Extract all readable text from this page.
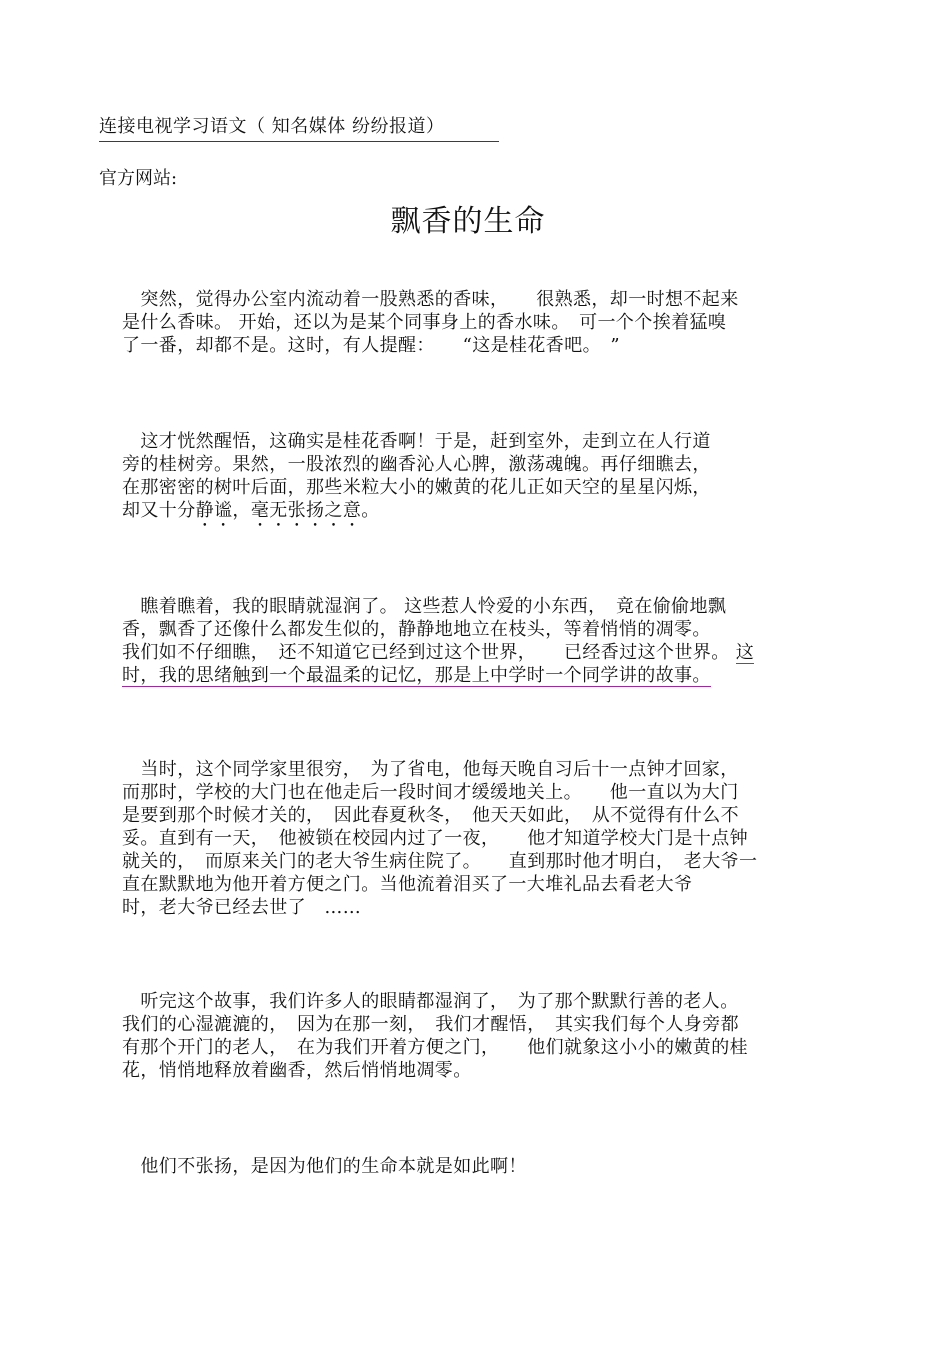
连接电视学习语文（ 知名媒体 纷纷报道）
官方网站:
飘香的生命
　突然，觉得办公室内流动着一股熟悉的香味，　　很熟悉，却一时想不起来
是什么香味。 开始，还以为是某个同事身上的香水味。　可一个个挨着猛嗅
了一番，却都不是。这时，有人提醒：　　“这是桂花香吧。　”
　这才恍然醒悟，这确实是桂花香啊！于是，赶到室外，走到立在人行道
旁的桂树旁。果然，一股浓烈的幽香沁人心脾，激荡魂魄。再仔细瞧去，
在那密密的树叶后面，那些米粒大小的嫩黄的花儿正如天空的星星闪烁，
却又十分静谧，毫无张扬之意。
　瞧着瞧着，我的眼睛就湿润了。 这些惹人怜爱的小东西，　竟在偷偷地飘
香，飘香了还像什么都发生似的，静静地地立在枝头，等着悄悄的凋零。
我们如不仔细瞧，　还不知道它已经到过这个世界，　　已经香过这个世界。 这
时，我的思绪触到一个最温柔的记忆，那是上中学时一个同学讲的故事。
　当时，这个同学家里很穷，　为了省电，他每天晚自习后十一点钟才回家，
而那时，学校的大门也在他走后一段时间才缓缓地关上。　　他一直以为大门
是要到那个时候才关的，　因此春夏秋冬，　他天天如此，　从不觉得有什么不
妥。直到有一天，　他被锁在校园内过了一夜，　　他才知道学校大门是十点钟
就关的，　而原来关门的老大爷生病住院了。　　直到那时他才明白，　老大爷一
直在默默地为他开着方便之门。当他流着泪买了一大堆礼品去看老大爷
时，老大爷已经去世了　……
　听完这个故事，我们许多人的眼睛都湿润了，　为了那个默默行善的老人。
我们的心湿漉漉的，　因为在那一刻，　我们才醒悟，　其实我们每个人身旁都
有那个开门的老人，　在为我们开着方便之门，　　他们就象这小小的嫩黄的桂
花，悄悄地释放着幽香，然后悄悄地凋零。
　他们不张扬，是因为他们的生命本就是如此啊！
